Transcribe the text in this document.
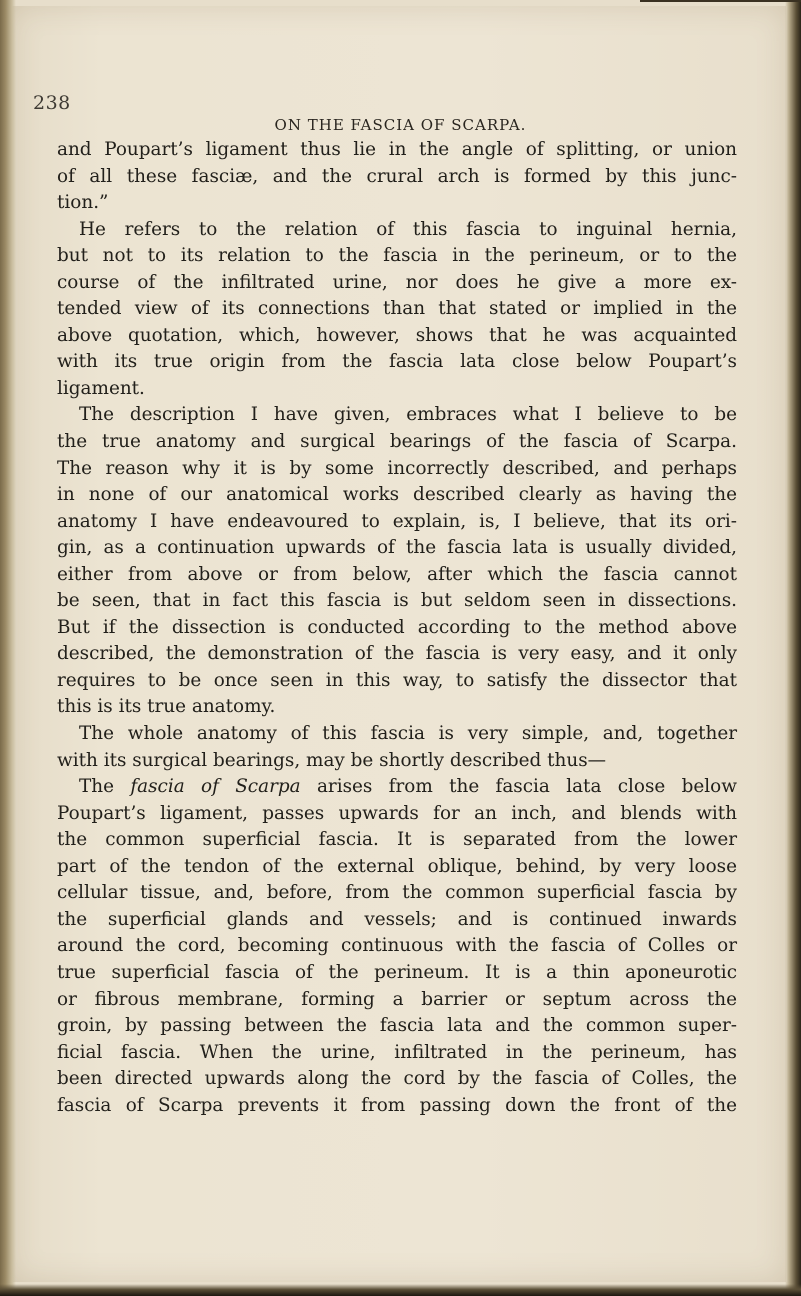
238
ON THE FASCIA OF SCARPA.
and Poupart’s ligament thus lie in the angle of splitting, or union
of all these fasciæ, and the crural arch is formed by this junc-
tion.”
He refers to the relation of this fascia to inguinal hernia,
but not to its relation to the fascia in the perineum, or to the
course of the infiltrated urine, nor does he give a more ex-
tended view of its connections than that stated or implied in the
above quotation, which, however, shows that he was acquainted
with its true origin from the fascia lata close below Poupart’s
ligament.
The description I have given, embraces what I believe to be
the true anatomy and surgical bearings of the fascia of Scarpa.
The reason why it is by some incorrectly described, and perhaps
in none of our anatomical works described clearly as having the
anatomy I have endeavoured to explain, is, I believe, that its ori-
gin, as a continuation upwards of the fascia lata is usually divided,
either from above or from below, after which the fascia cannot
be seen, that in fact this fascia is but seldom seen in dissections.
But if the dissection is conducted according to the method above
described, the demonstration of the fascia is very easy, and it only
requires to be once seen in this way, to satisfy the dissector that
this is its true anatomy.
The whole anatomy of this fascia is very simple, and, together
with its surgical bearings, may be shortly described thus—
The fascia of Scarpa arises from the fascia lata close below
Poupart’s ligament, passes upwards for an inch, and blends with
the common superficial fascia. It is separated from the lower
part of the tendon of the external oblique, behind, by very loose
cellular tissue, and, before, from the common superficial fascia by
the superficial glands and vessels; and is continued inwards
around the cord, becoming continuous with the fascia of Colles or
true superficial fascia of the perineum. It is a thin aponeurotic
or fibrous membrane, forming a barrier or septum across the
groin, by passing between the fascia lata and the common super-
ficial fascia. When the urine, infiltrated in the perineum, has
been directed upwards along the cord by the fascia of Colles, the
fascia of Scarpa prevents it from passing down the front of the
